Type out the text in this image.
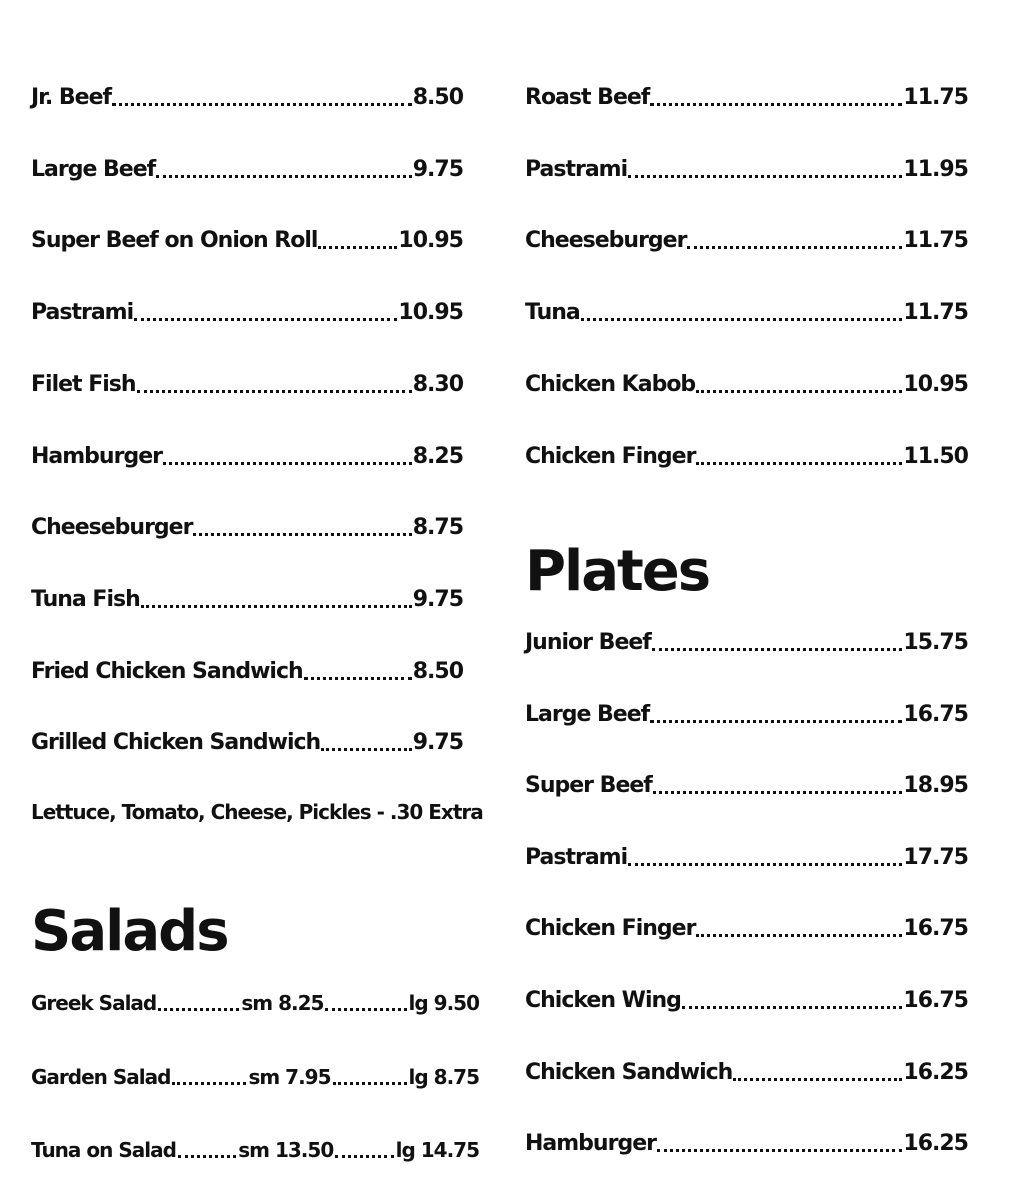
Jr. Beef	8.50
Large Beef	9.75
Super Beef on Onion Roll	10.95
Pastrami	10.95
Filet Fish	8.30
Hamburger	8.25
Cheeseburger	8.75
Tuna Fish	9.75
Fried Chicken Sandwich	8.50
Grilled Chicken Sandwich	9.75
Lettuce, Tomato, Cheese, Pickles - .30 Extra
Salads
Greek Salad	sm 8.25	lg 9.50
Garden Salad	sm 7.95	lg 8.75
Tuna on Salad	sm 13.50	lg 14.75
Roast Beef	11.75
Pastrami	11.95
Cheeseburger	11.75
Tuna	11.75
Chicken Kabob	10.95
Chicken Finger	11.50
Plates
Junior Beef	15.75
Large Beef	16.75
Super Beef	18.95
Pastrami	17.75
Chicken Finger	16.75
Chicken Wing	16.75
Chicken Sandwich	16.25
Hamburger	16.25
